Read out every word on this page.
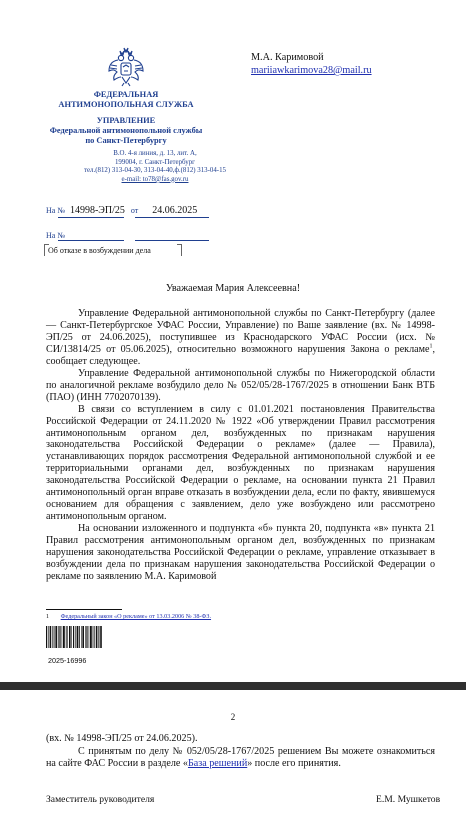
ФЕДЕРАЛЬНАЯ
АНТИМОНОПОЛЬНАЯ СЛУЖБА
УПРАВЛЕНИЕ
Федеральной антимонопольной службы
по Санкт-Петербургу
В.О. 4-я линия, д. 13, лит. А,
199004, г. Санкт-Петербург
тел.(812) 313-04-30, 313-04-40,ф.(812) 313-04-15
e-mail: to78@fas.gov.ru
На № 14998-ЭП/25 от 24.06.2025
На №
Об отказе в возбуждении дела
М.А. Каримовой
mariiawkarimova28@mail.ru
Уважаемая Мария Алексеевна!

Управление Федеральной антимонопольной службы по Санкт-Петербургу (далее — Санкт-Петербургское УФАС России, Управление) по Вашe заявление (вх. № 14998-ЭП/25 от 24.06.2025), поступившее из Краснодарского УФАС России (исх. № СИ/13814/25 от 05.06.2025), относительно возможного нарушения Закона о рекламе$^1$, сообщает следующее.

Управление Федеральной антимонопольной службы по Нижегородской области по аналогичной рекламе возбудило дело № 052/05/28-1767/2025 в отношении Банк ВТБ (ПАО) (ИНН 7702070139).

В связи со вступлением в силу с 01.01.2021 постановления Правительства Российской Федерации от 24.11.2020 № 1922 «Об утверждении Правил рассмотрения антимонопольным органом дел, возбужденных по признакам нарушения законодательства Российской Федерации о рекламе» (далее — Правила), устанавливающих порядок рассмотрения Федеральной антимонопольной службой и ее территориальными органами дел, возбужденных по признакам нарушения законодательства Российской Федерации о рекламе, на основании пункта 21 Правил антимонопольный орган вправе отказать в возбуждении дела, если по факту, явившемуся основанием для обращения с заявлением, дело уже возбуждено или рассмотрено антимонопольным органом.

На основании изложенного и подпункта «б» пункта 20, подпункта «в» пункта 21 Правил рассмотрения антимонопольным органом дел, возбужденных по признакам нарушения законодательства Российской Федерации о рекламе, управление отказывает в возбуждении дела по признакам нарушения законодательства Российской Федерации о рекламе по заявлению М.А. Каримовой

1 Федеральный закон «О рекламе» от 13.03.2006 № 38-ФЗ.
2025-16996
2

(вх. № 14998-ЭП/25 от 24.06.2025).

С принятым по делу № 052/05/28-1767/2025 решением Вы можете ознакомиться на сайте ФАС России в разделе «База решений» после его принятия.

Заместитель руководителя	Е.М. Мушкетов
